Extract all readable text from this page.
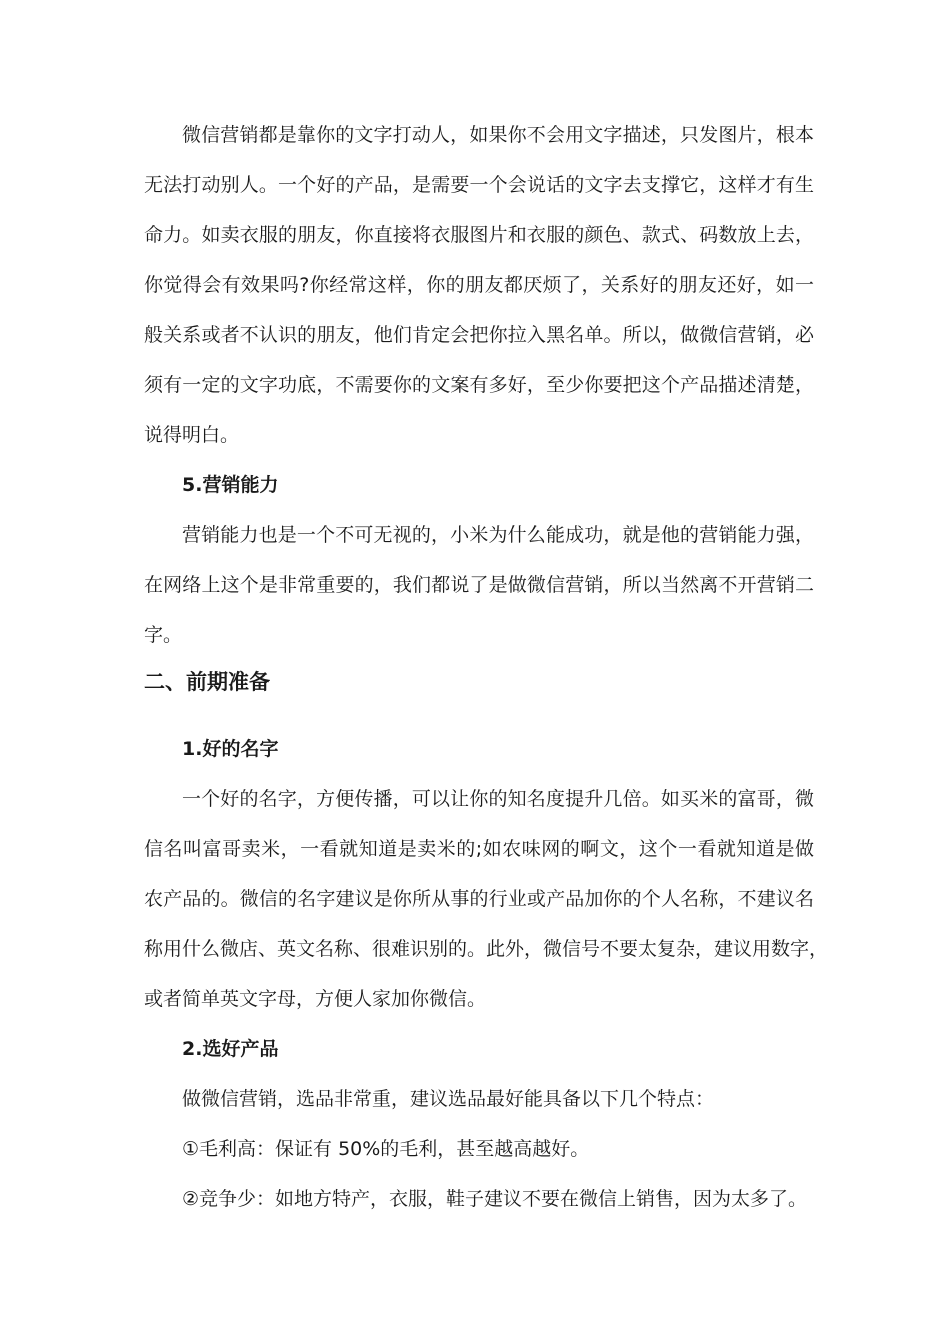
微信营销都是靠你的文字打动人，如果你不会用文字描述，只发图片，根本
无法打动别人。一个好的产品，是需要一个会说话的文字去支撑它，这样才有生
命力。如卖衣服的朋友，你直接将衣服图片和衣服的颜色、款式、码数放上去，
你觉得会有效果吗?你经常这样，你的朋友都厌烦了，关系好的朋友还好，如一
般关系或者不认识的朋友，他们肯定会把你拉入黑名单。所以，做微信营销，必
须有一定的文字功底，不需要你的文案有多好，至少你要把这个产品描述清楚，
说得明白。
5.营销能力
营销能力也是一个不可无视的，小米为什么能成功，就是他的营销能力强，
在网络上这个是非常重要的，我们都说了是做微信营销，所以当然离不开营销二
字。
二、前期准备
1.好的名字
一个好的名字，方便传播，可以让你的知名度提升几倍。如买米的富哥，微
信名叫富哥卖米，一看就知道是卖米的;如农味网的啊文，这个一看就知道是做
农产品的。微信的名字建议是你所从事的行业或产品加你的个人名称，不建议名
称用什么微店、英文名称、很难识别的。此外，微信号不要太复杂，建议用数字，
或者简单英文字母，方便人家加你微信。
2.选好产品
做微信营销，选品非常重，建议选品最好能具备以下几个特点：
①毛利高：保证有 50%的毛利，甚至越高越好。
②竞争少：如地方特产，衣服，鞋子建议不要在微信上销售，因为太多了。
